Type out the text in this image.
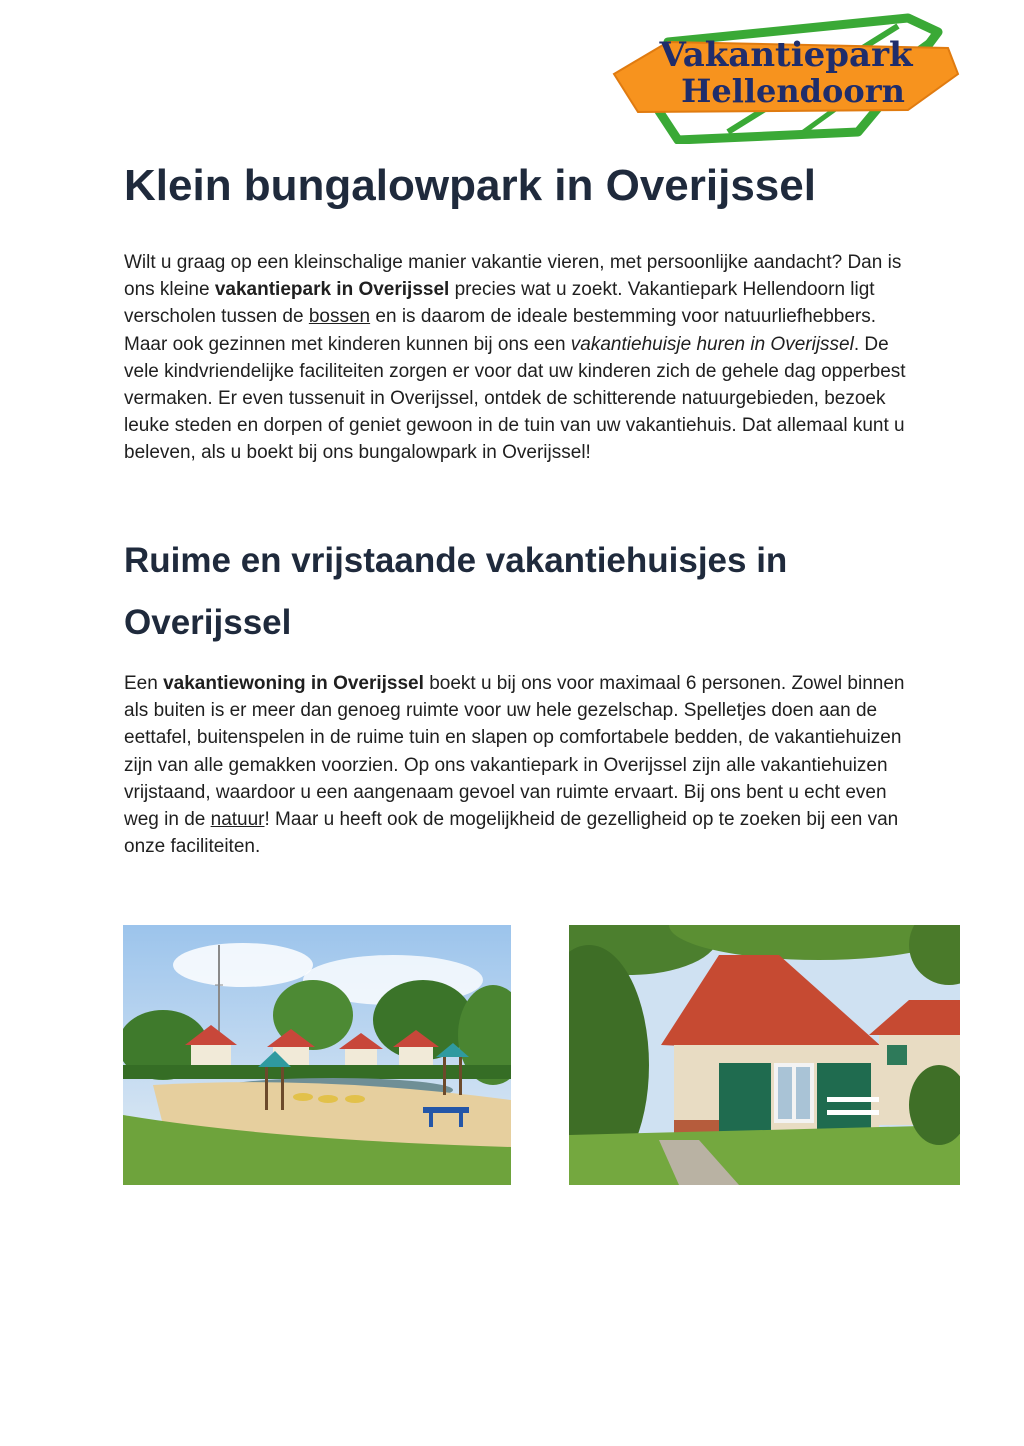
Vakantiepark
Hellendoorn
Klein bungalowpark in Overijssel

Wilt u graag op een kleinschalige manier vakantie vieren, met persoonlijke aandacht? Dan is ons kleine vakantiepark in Overijssel precies wat u zoekt. Vakantiepark Hellendoorn ligt verscholen tussen de bossen en is daarom de ideale bestemming voor natuurliefhebbers. Maar ook gezinnen met kinderen kunnen bij ons een vakantiehuisje huren in Overijssel. De vele kindvriendelijke faciliteiten zorgen er voor dat uw kinderen zich de gehele dag opperbest vermaken. Er even tussenuit in Overijssel, ontdek de schitterende natuurgebieden, bezoek leuke steden en dorpen of geniet gewoon in de tuin van uw vakantiehuis. Dat allemaal kunt u beleven, als u boekt bij ons bungalowpark in Overijssel!

Ruime en vrijstaande vakantiehuisjes in Overijssel

Een vakantiewoning in Overijssel boekt u bij ons voor maximaal 6 personen. Zowel binnen als buiten is er meer dan genoeg ruimte voor uw hele gezelschap. Spelletjes doen aan de eettafel, buitenspelen in de ruime tuin en slapen op comfortabele bedden, de vakantiehuizen zijn van alle gemakken voorzien. Op ons vakantiepark in Overijssel zijn alle vakantiehuizen vrijstaand, waardoor u een aangenaam gevoel van ruimte ervaart. Bij ons bent u echt even weg in de natuur! Maar u heeft ook de mogelijkheid de gezelligheid op te zoeken bij een van onze faciliteiten.
